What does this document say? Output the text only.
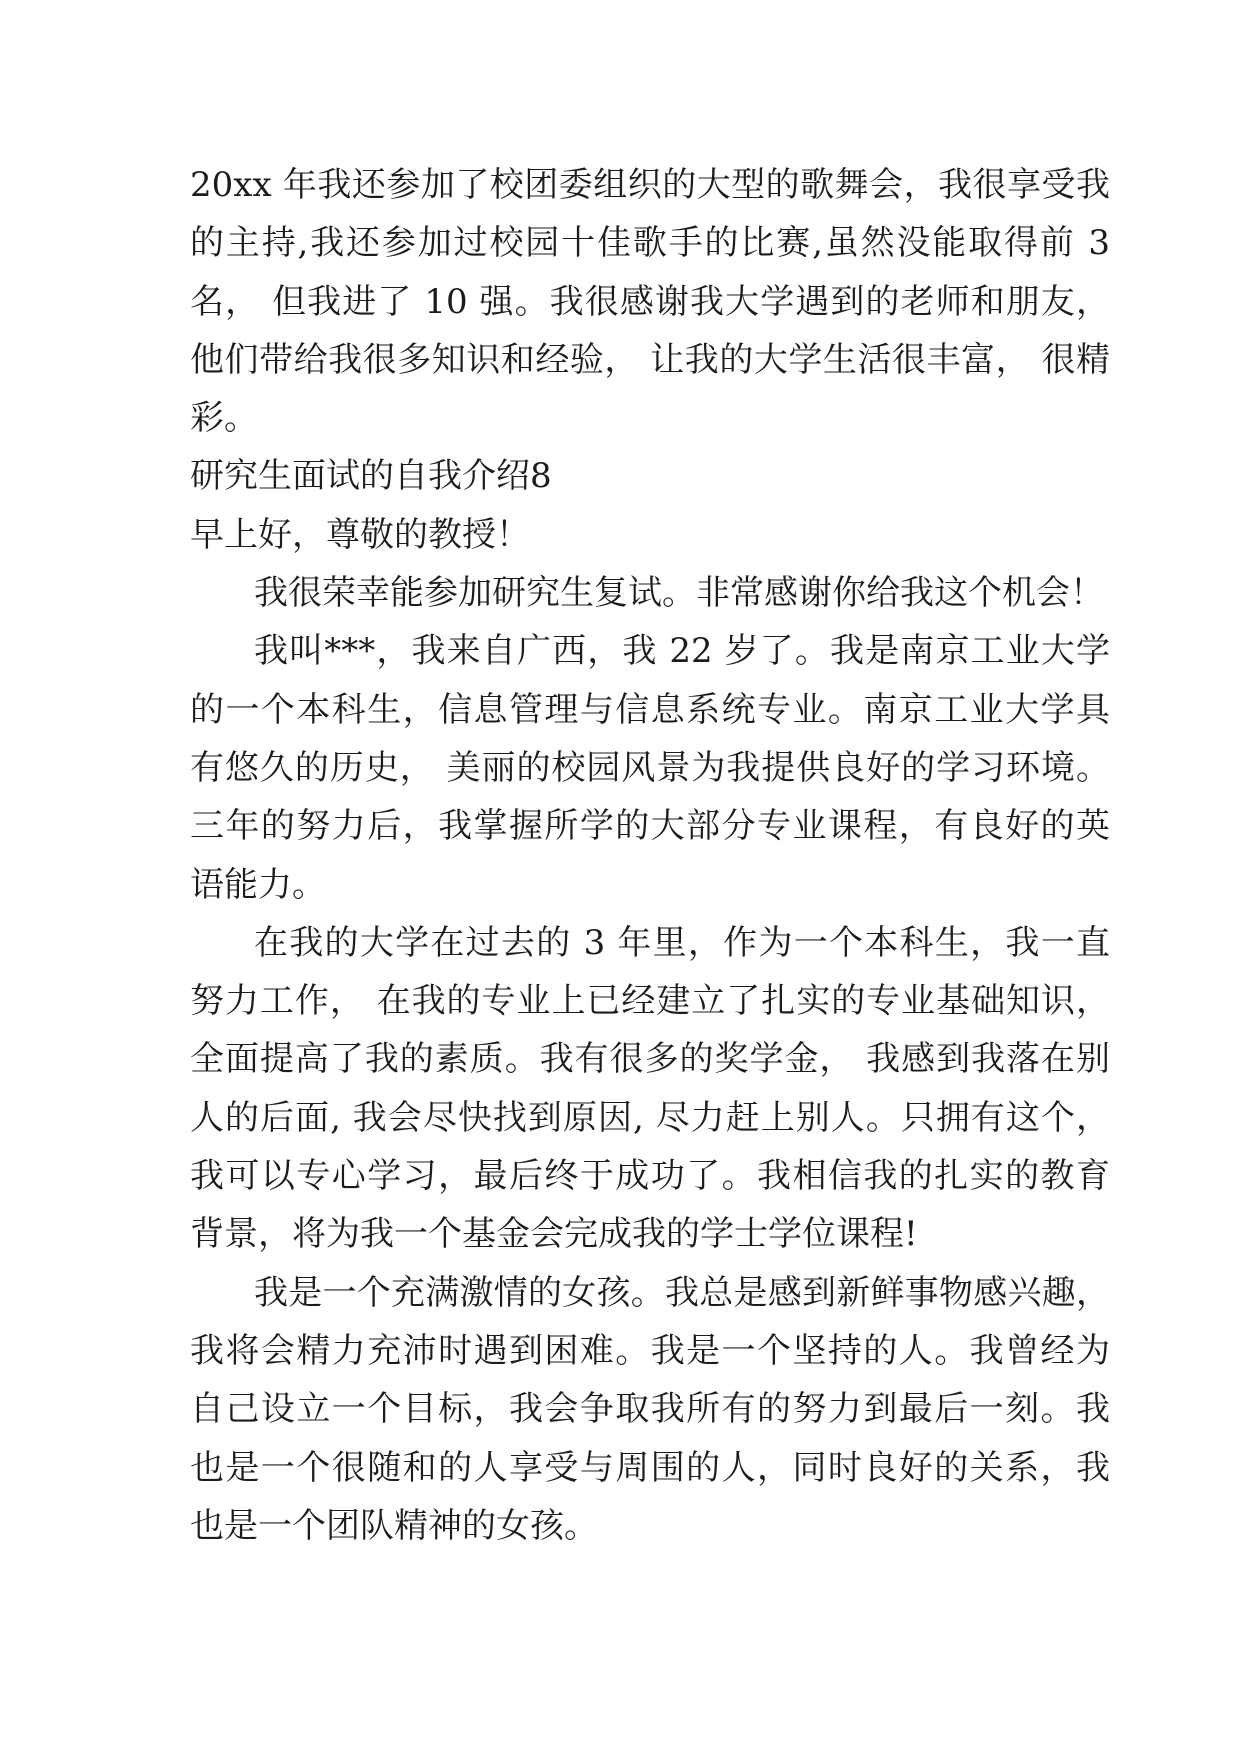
20xx 年我还参加了校团委组织的大型的歌舞会，我很享受我
的主持,我还参加过校园十佳歌手的比赛,虽然没能取得前 3
名， 但我进了 10 强。我很感谢我大学遇到的老师和朋友，
他们带给我很多知识和经验， 让我的大学生活很丰富， 很精
彩。
研究生面试的自我介绍8
早上好，尊敬的教授！
我很荣幸能参加研究生复试。非常感谢你给我这个机会！
我叫***，我来自广西，我 22 岁了。我是南京工业大学
的一个本科生，信息管理与信息系统专业。南京工业大学具
有悠久的历史， 美丽的校园风景为我提供良好的学习环境。
三年的努力后，我掌握所学的大部分专业课程，有良好的英
语能力。
在我的大学在过去的 3 年里，作为一个本科生，我一直
努力工作， 在我的专业上已经建立了扎实的专业基础知识，
全面提高了我的素质。我有很多的奖学金， 我感到我落在别
人的后面, 我会尽快找到原因, 尽力赶上别人。只拥有这个，
我可以专心学习，最后终于成功了。我相信我的扎实的教育
背景，将为我一个基金会完成我的学士学位课程!
我是一个充满激情的女孩。我总是感到新鲜事物感兴趣，
我将会精力充沛时遇到困难。我是一个坚持的人。我曾经为
自己设立一个目标，我会争取我所有的努力到最后一刻。我
也是一个很随和的人享受与周围的人，同时良好的关系，我
也是一个团队精神的女孩。
